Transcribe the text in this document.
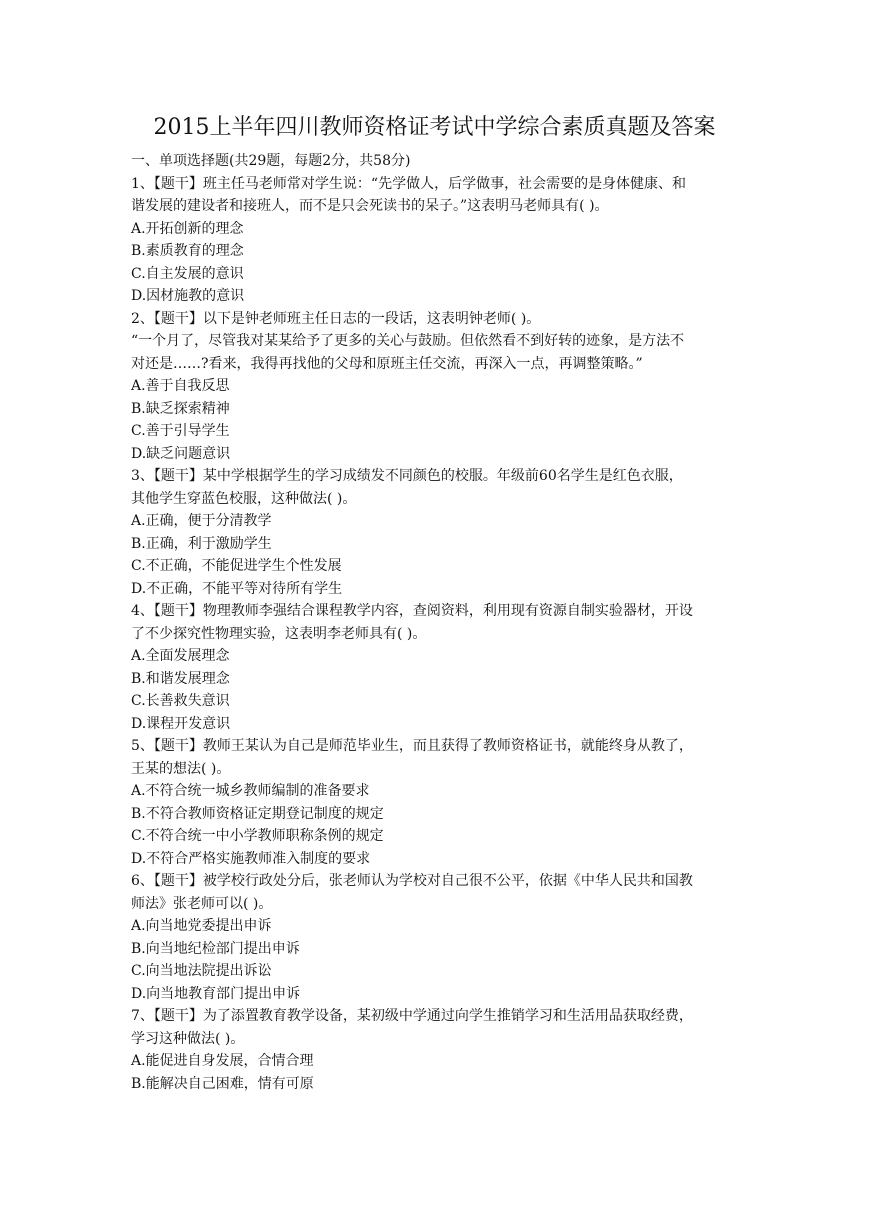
2015上半年四川教师资格证考试中学综合素质真题及答案

一、单项选择题(共29题，每题2分，共58分)

1、【题干】班主任马老师常对学生说：“先学做人，后学做事，社会需要的是身体健康、和

谐发展的建设者和接班人，而不是只会死读书的呆子。”这表明马老师具有( )。

A.开拓创新的理念

B.素质教育的理念

C.自主发展的意识

D.因材施教的意识

2、【题干】以下是钟老师班主任日志的一段话，这表明钟老师( )。

“一个月了，尽管我对某某给予了更多的关心与鼓励。但依然看不到好转的迹象，是方法不

对还是……?看来，我得再找他的父母和原班主任交流，再深入一点，再调整策略。”

A.善于自我反思

B.缺乏探索精神

C.善于引导学生

D.缺乏问题意识

3、【题干】某中学根据学生的学习成绩发不同颜色的校服。年级前60名学生是红色衣服，

其他学生穿蓝色校服，这种做法( )。

A.正确，便于分清教学

B.正确，利于激励学生

C.不正确，不能促进学生个性发展

D.不正确，不能平等对待所有学生

4、【题干】物理教师李强结合课程教学内容，查阅资料，利用现有资源自制实验器材，开设

了不少探究性物理实验，这表明李老师具有( )。

A.全面发展理念

B.和谐发展理念

C.长善救失意识

D.课程开发意识

5、【题干】教师王某认为自己是师范毕业生，而且获得了教师资格证书，就能终身从教了，

王某的想法( )。

A.不符合统一城乡教师编制的准备要求

B.不符合教师资格证定期登记制度的规定

C.不符合统一中小学教师职称条例的规定

D.不符合严格实施教师准入制度的要求

6、【题干】被学校行政处分后，张老师认为学校对自己很不公平，依据《中华人民共和国教

师法》张老师可以( )。

A.向当地党委提出申诉

B.向当地纪检部门提出申诉

C.向当地法院提出诉讼

D.向当地教育部门提出申诉

7、【题干】为了添置教育教学设备，某初级中学通过向学生推销学习和生活用品获取经费，

学习这种做法( )。

A.能促进自身发展，合情合理

B.能解决自己困难，情有可原
